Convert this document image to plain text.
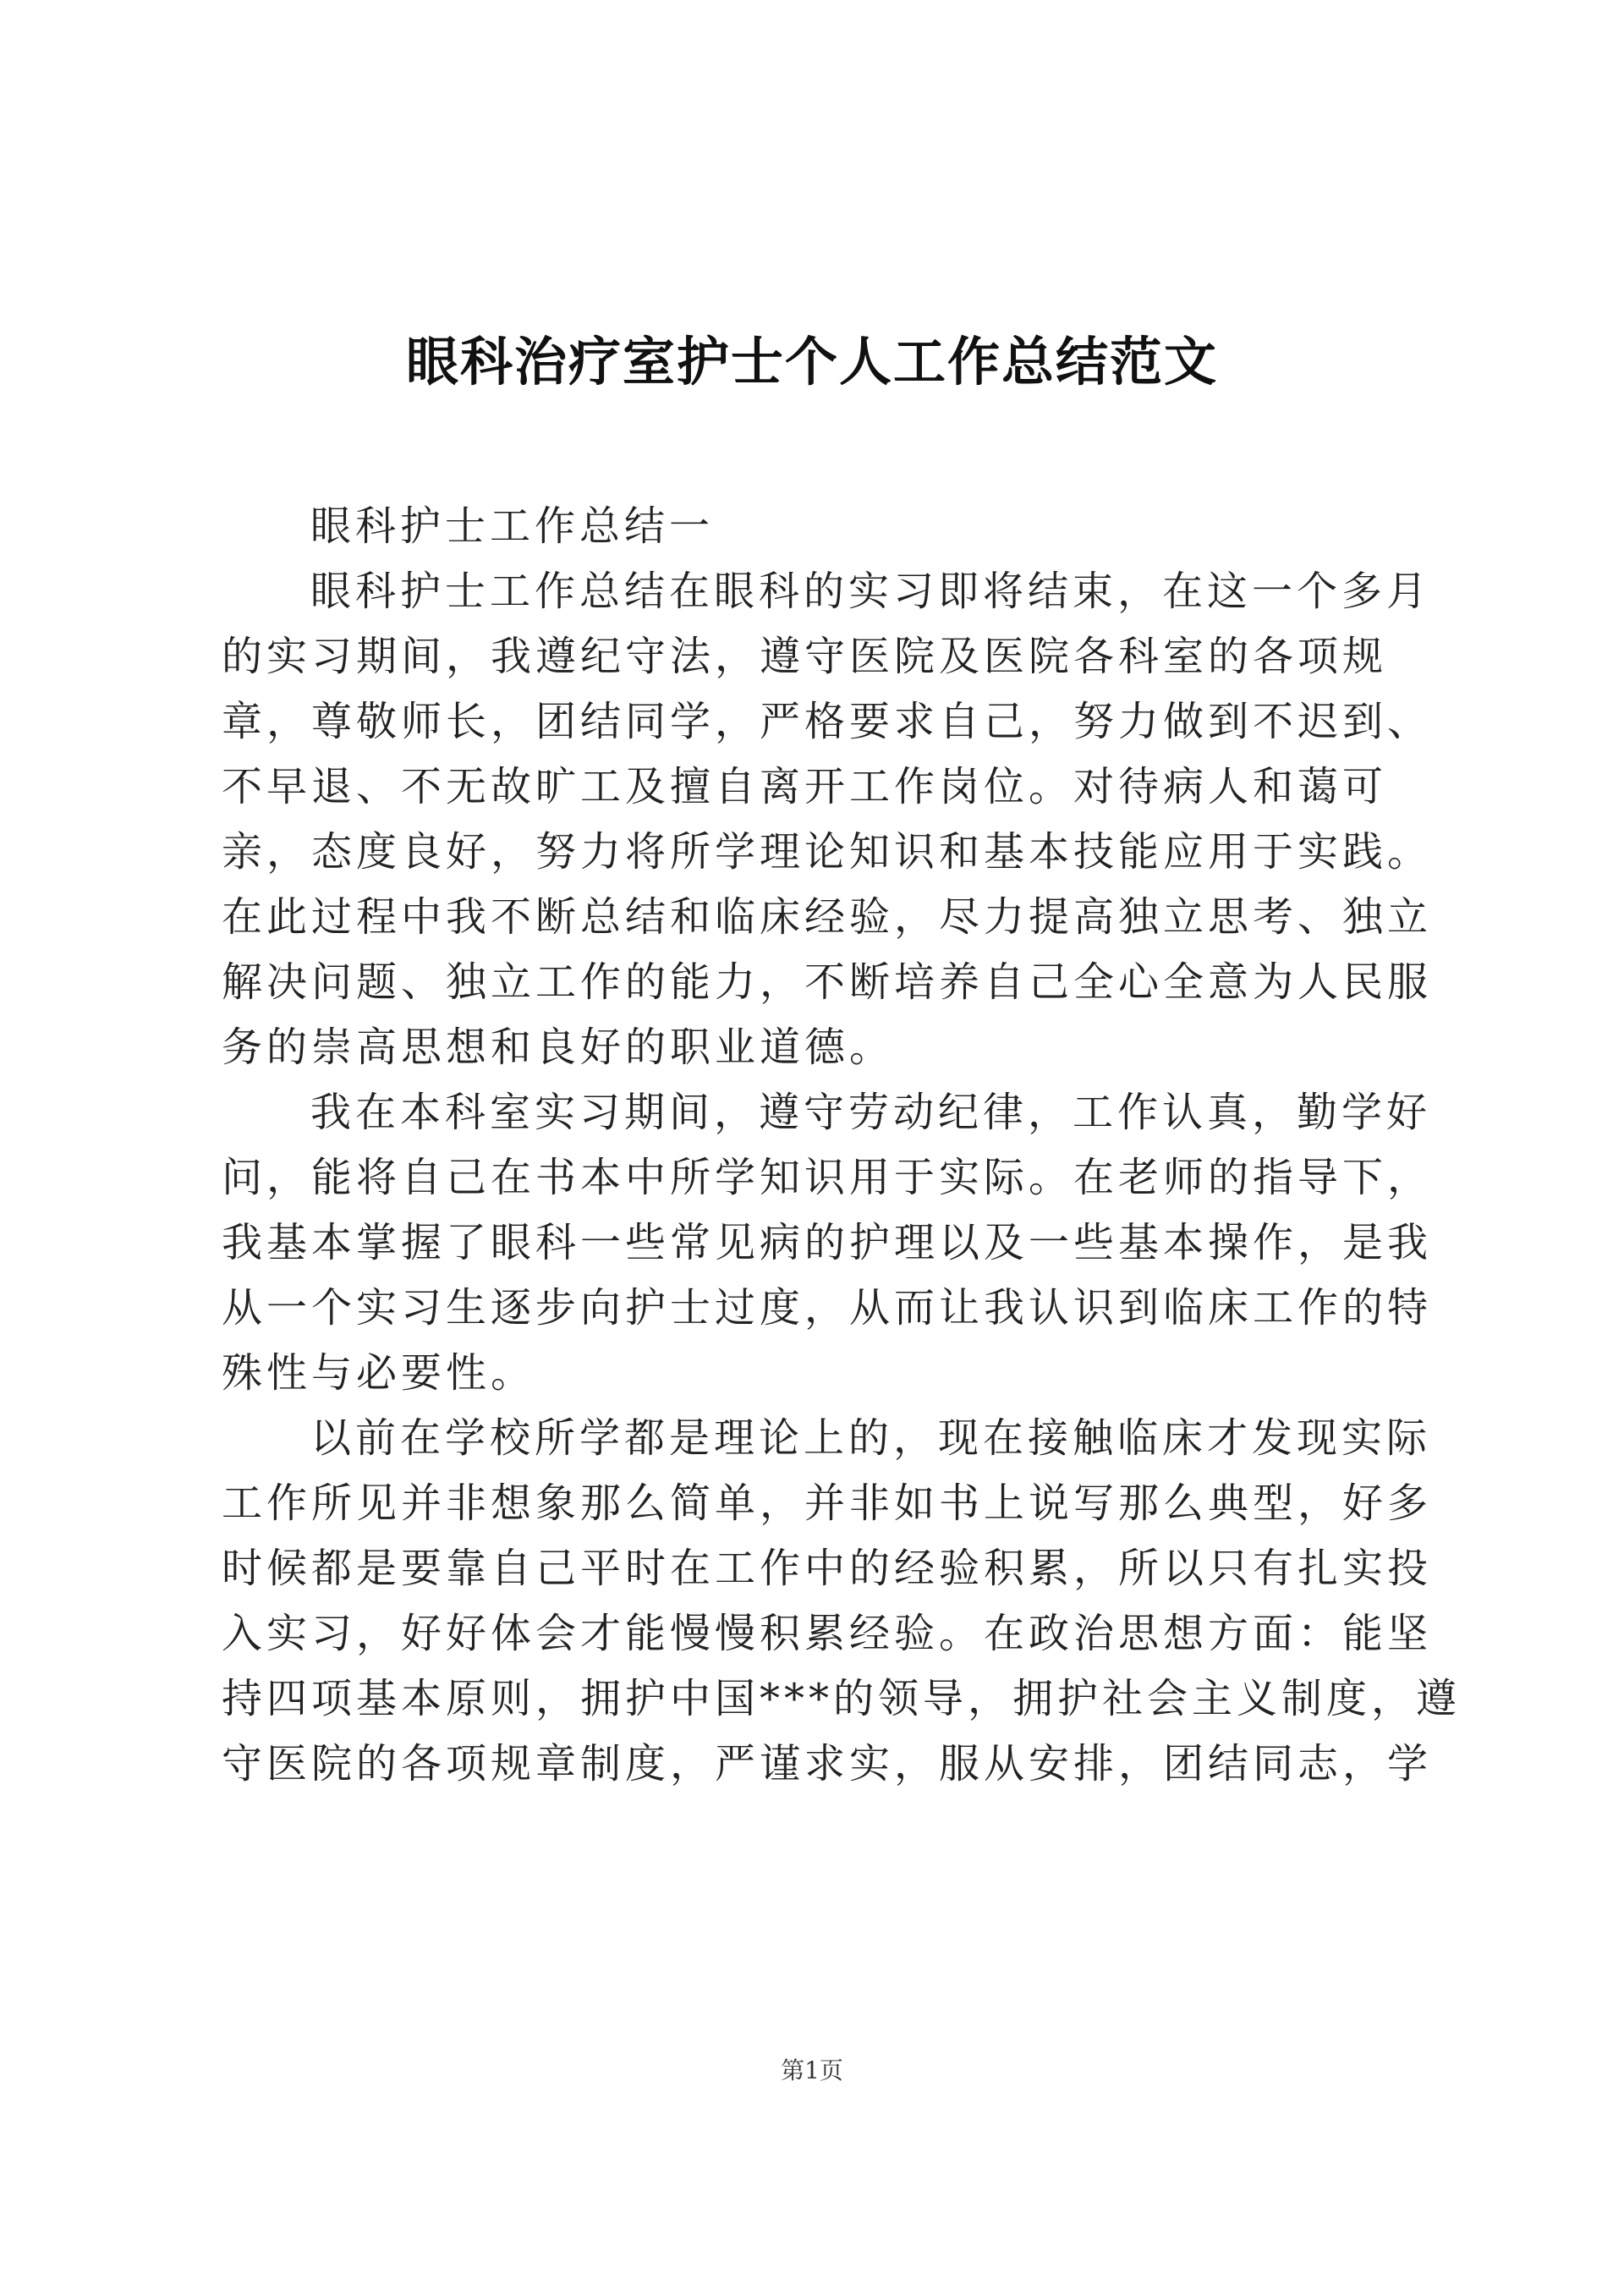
眼科治疗室护士个人工作总结范文
眼科护士工作总结一
眼科护士工作总结在眼科的实习即将结束，在这一个多月
的实习期间，我遵纪守法，遵守医院及医院各科室的各项规
章，尊敬师长，团结同学，严格要求自己，努力做到不迟到、
不早退、不无故旷工及擅自离开工作岗位。对待病人和蔼可
亲，态度良好，努力将所学理论知识和基本技能应用于实践。
在此过程中我不断总结和临床经验，尽力提高独立思考、独立
解决问题、独立工作的能力，不断培养自己全心全意为人民服
务的崇高思想和良好的职业道德。
我在本科室实习期间，遵守劳动纪律，工作认真，勤学好
问，能将自己在书本中所学知识用于实际。在老师的指导下，
我基本掌握了眼科一些常见病的护理以及一些基本操作，是我
从一个实习生逐步向护士过度，从而让我认识到临床工作的特
殊性与必要性。
以前在学校所学都是理论上的，现在接触临床才发现实际
工作所见并非想象那么简单，并非如书上说写那么典型，好多
时候都是要靠自己平时在工作中的经验积累，所以只有扎实投
入实习，好好体会才能慢慢积累经验。在政治思想方面：能坚
持四项基本原则，拥护中国***的领导，拥护社会主义制度，遵
守医院的各项规章制度，严谨求实，服从安排，团结同志，学
第1页
